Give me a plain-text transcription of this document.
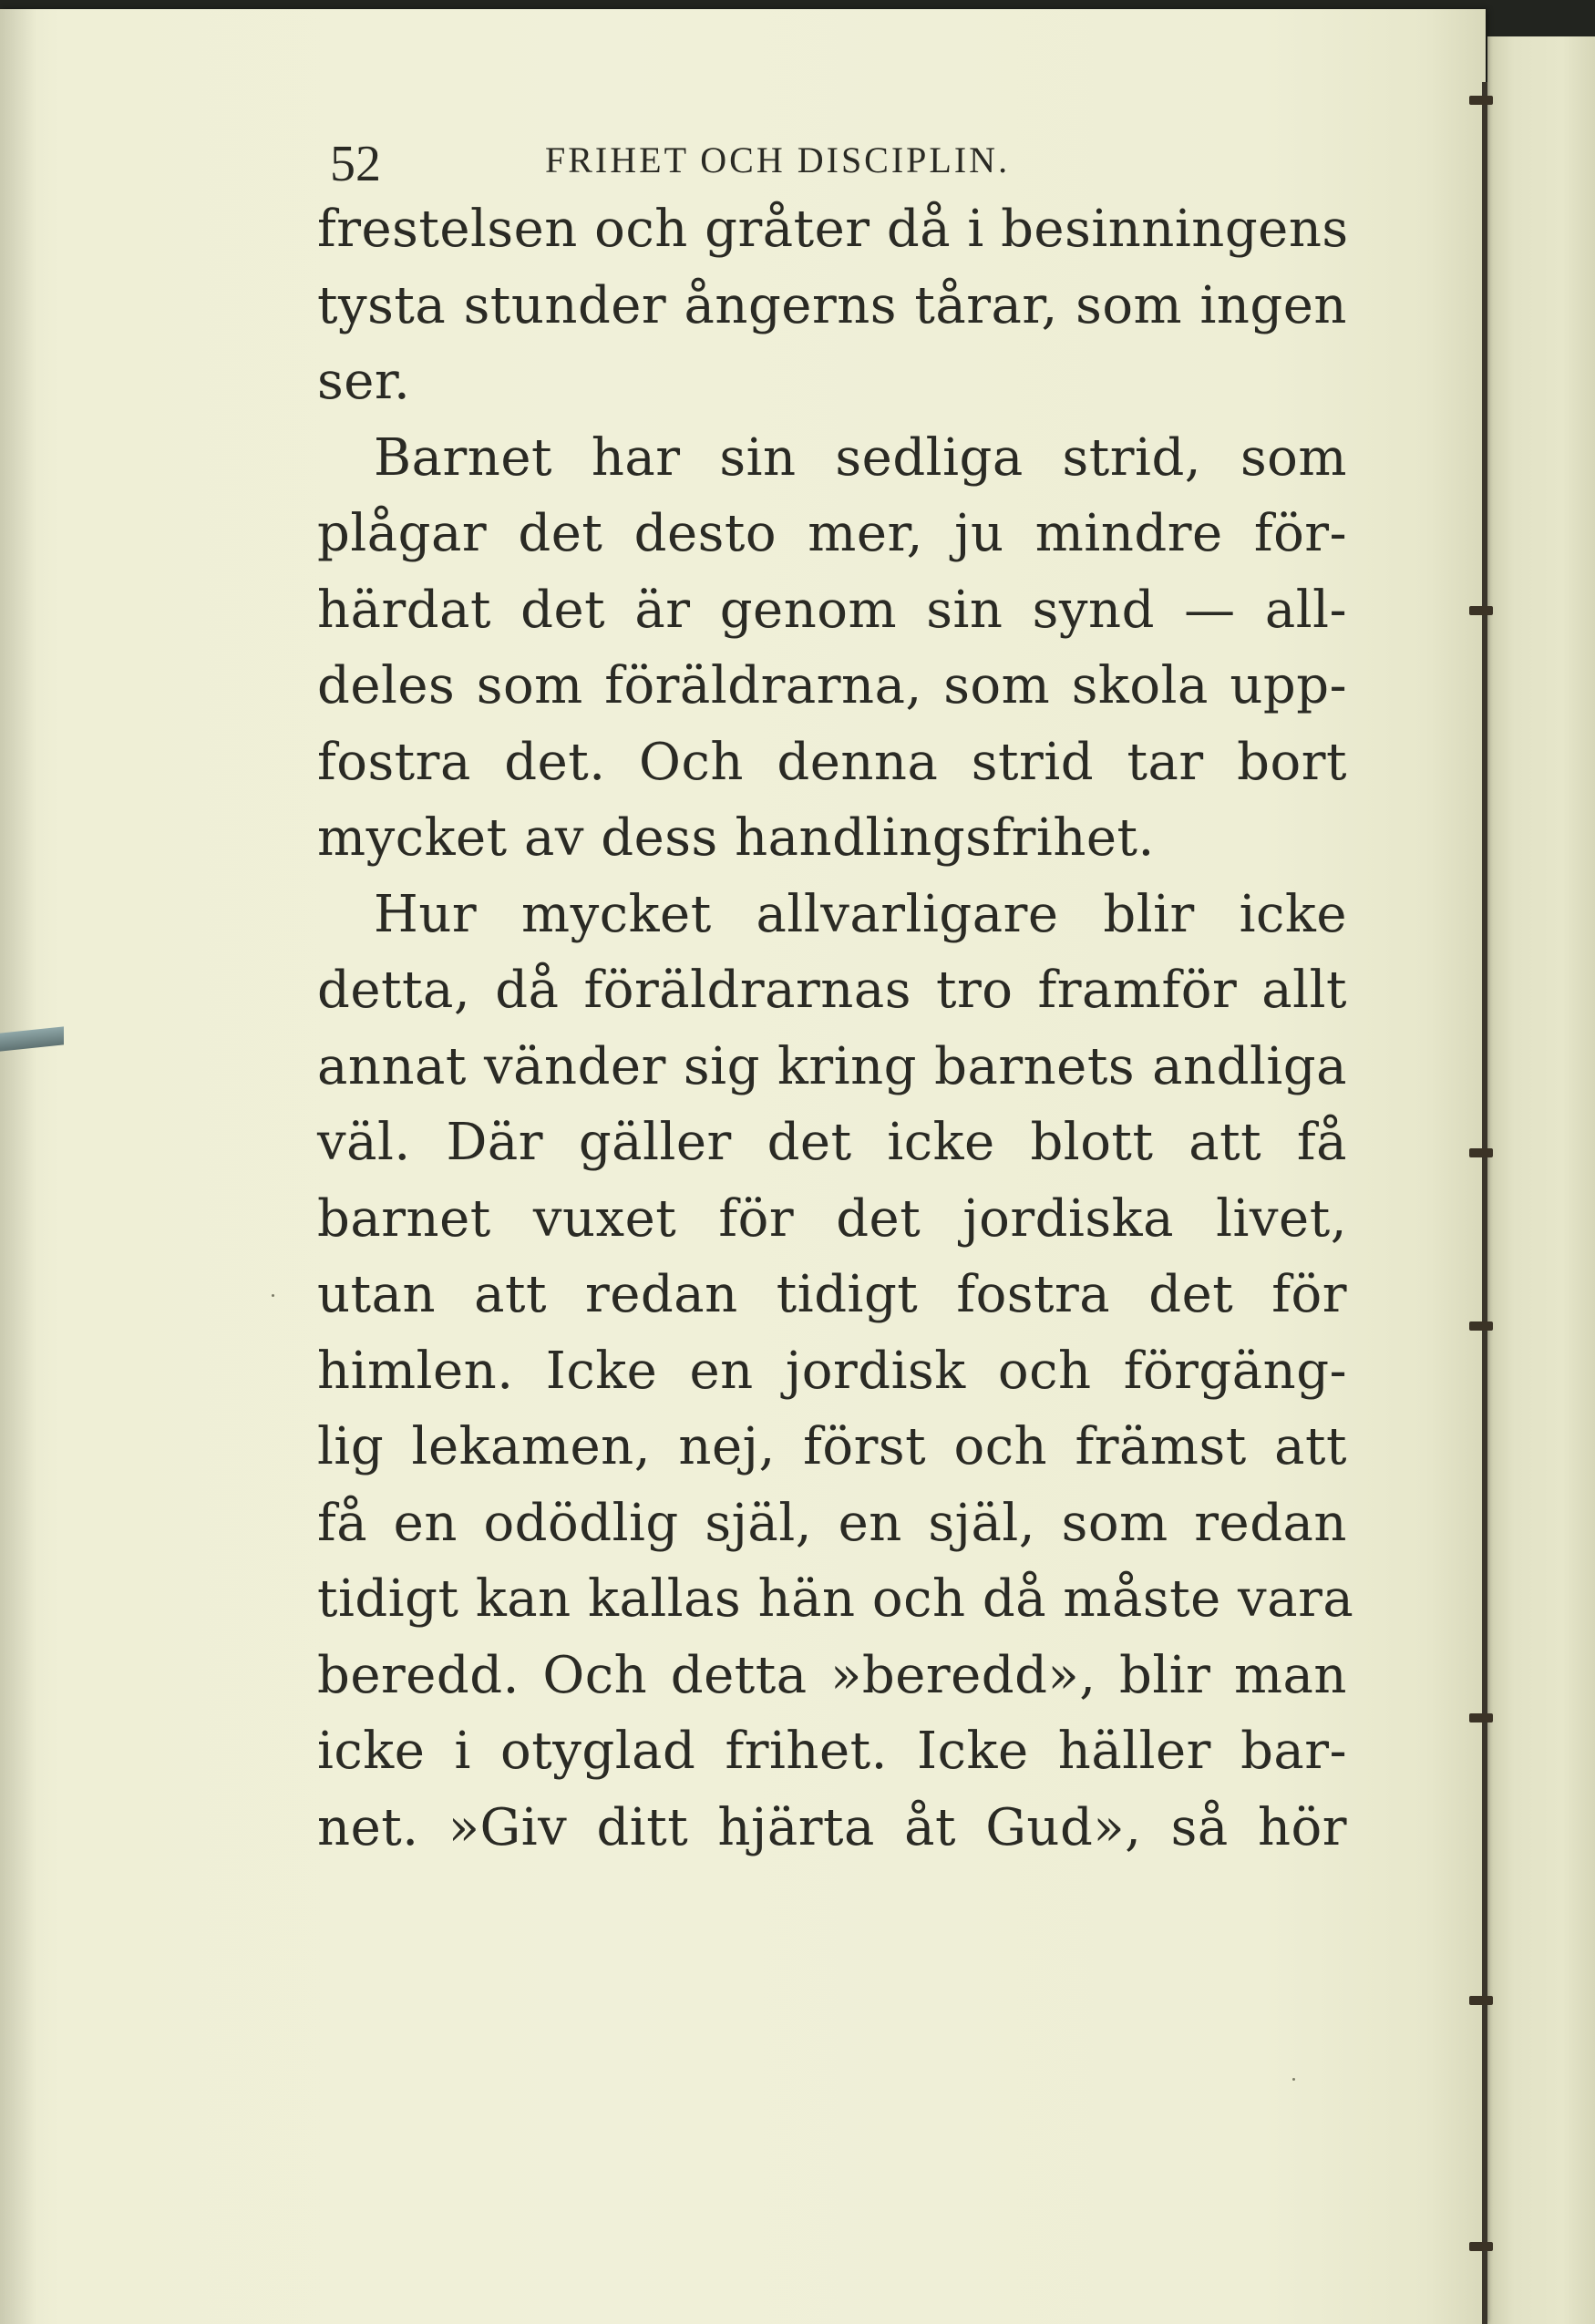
52	FRIHET OCH DISCIPLIN.
frestelsen och gråter då i besinningens
tysta stunder ångerns tårar, som ingen
ser.
Barnet har sin sedliga strid, som
plågar det desto mer, ju mindre för-
härdat det är genom sin synd — all-
deles som föräldrarna, som skola upp-
fostra det. Och denna strid tar bort
mycket av dess handlingsfrihet.
Hur mycket allvarligare blir icke
detta, då föräldrarnas tro framför allt
annat vänder sig kring barnets andliga
väl. Där gäller det icke blott att få
barnet vuxet för det jordiska livet,
utan att redan tidigt fostra det för
himlen. Icke en jordisk och förgäng-
lig lekamen, nej, först och främst att
få en odödlig själ, en själ, som redan
tidigt kan kallas hän och då måste vara
beredd. Och detta »beredd», blir man
icke i otyglad frihet. Icke häller bar-
net. »Giv ditt hjärta åt Gud», så hör
